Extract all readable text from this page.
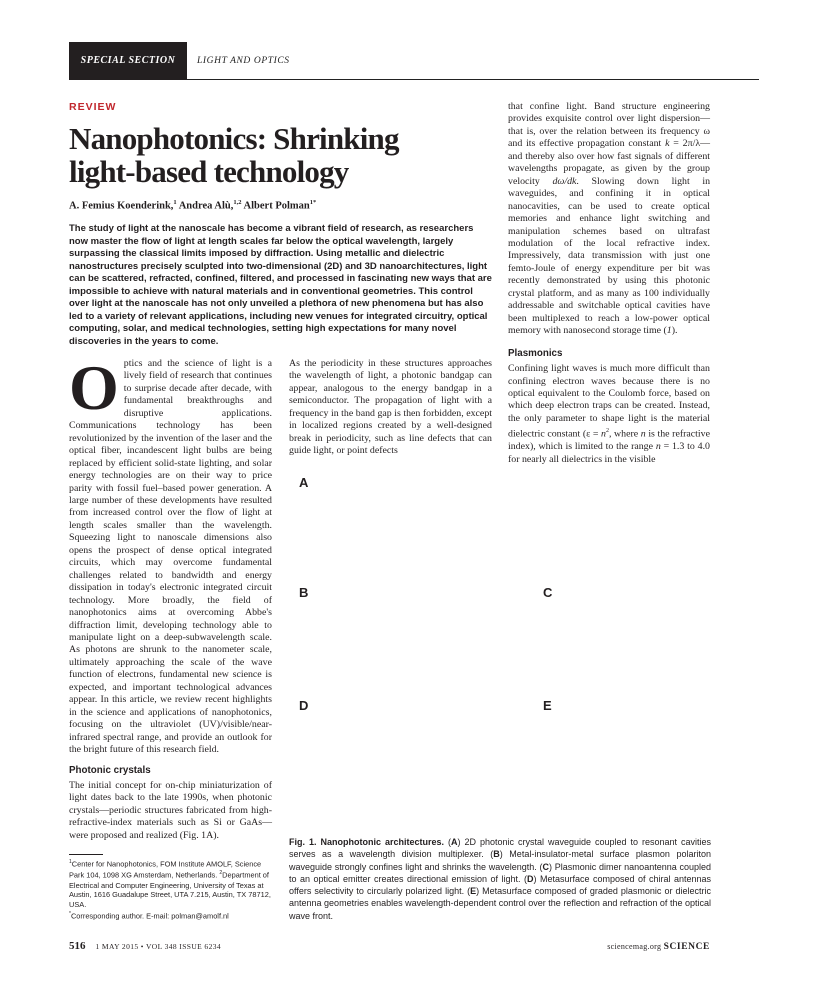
SPECIAL SECTION	LIGHT AND OPTICS
REVIEW
Nanophotonics: Shrinking
light-based technology
A. Femius Koenderink,$^1$ Andrea Alù,$^{1,2}$ Albert Polman$^{1*}$
The study of light at the nanoscale has become a vibrant field of research, as researchers now master the flow of light at length scales far below the optical wavelength, largely surpassing the classical limits imposed by diffraction. Using metallic and dielectric nanostructures precisely sculpted into two-dimensional (2D) and 3D nanoarchitectures, light can be scattered, refracted, confined, filtered, and processed in fascinating new ways that are impossible to achieve with natural materials and in conventional geometries. This control over light at the nanoscale has not only unveiled a plethora of new phenomena but has also led to a variety of relevant applications, including new venues for integrated circuitry, optical computing, solar, and medical technologies, setting high expectations for many novel discoveries in the years to come.

Optics and the science of light is a lively field of research that continues to surprise decade after decade, with fundamental breakthroughs and disruptive applications. Communications technology has been revolutionized by the invention of the laser and the optical fiber, incandescent light bulbs are being replaced by efficient solid-state lighting, and solar energy technologies are on their way to price parity with fossil fuel–based power generation. A large number of these developments have resulted from increased control over the flow of light at length scales smaller than the wavelength. Squeezing light to nanoscale dimensions also opens the prospect of dense optical integrated circuits, which may overcome fundamental challenges related to bandwidth and energy dissipation in today's electronic integrated circuit technology. More broadly, the field of nanophotonics aims at overcoming Abbe's diffraction limit, developing technology able to manipulate light on a deep-subwavelength scale. As photons are shrunk to the nanometer scale, ultimately approaching the scale of the wave function of electrons, fundamental new science is expected, and important technological advances appear. In this article, we review recent highlights in the science and applications of nanophotonics, focusing on the ultraviolet (UV)/visible/near-infrared spectral range, and provide an outlook for the bright future of this research field.

Photonic crystals

The initial concept for on-chip miniaturization of light dates back to the late 1990s, when photonic crystals—periodic structures fabricated from high-refractive-index materials such as Si or GaAs—were proposed and realized (Fig. 1A).

As the periodicity in these structures approaches the wavelength of light, a photonic bandgap can appear, analogous to the energy bandgap in a semiconductor. The propagation of light with a frequency in the band gap is then forbidden, except in localized regions created by a well-designed break in periodicity, such as line defects that can guide light, or point defects

that confine light. Band structure engineering provides exquisite control over light dispersion—that is, over the relation between its frequency ω and its effective propagation constant k = 2π/λ—and thereby also over how fast signals of different wavelengths propagate, as given by the group velocity dω/dk. Slowing down light in waveguides, and confining it in optical nanocavities, can be used to create optical memories and enhance light switching and manipulation schemes based on ultrafast modulation of the local refractive index. Impressively, data transmission with just one femto-Joule of energy expenditure per bit was recently demonstrated by using this photonic crystal platform, and as many as 100 individually addressable and switchable optical cavities have been multiplexed to reach a low-power optical memory with nanosecond storage time (1).

Plasmonics

Confining light waves is much more difficult than confining electron waves because there is no optical equivalent to the Coulomb force, based on which deep electron traps can be created. Instead, the only parameter to shape light is the material dielectric constant ($\varepsilon = n^2$, where n is the refractive index), which is limited to the range n = 1.3 to 4.0 for nearly all dielectrics in the visible

A
B	C
D	E
Fig. 1. Nanophotonic architectures. (A) 2D photonic crystal waveguide coupled to resonant cavities serves as a wavelength division multiplexer. (B) Metal-insulator-metal surface plasmon polariton waveguide strongly confines light and shrinks the wavelength. (C) Plasmonic dimer nanoantenna coupled to an optical emitter creates directional emission of light. (D) Metasurface composed of chiral antennas offers selectivity to circularly polarized light. (E) Metasurface composed of graded plasmonic or dielectric antenna geometries enables wavelength-dependent control over the reflection and refraction of the optical wave front.
$^1$Center for Nanophotonics, FOM Institute AMOLF, Science Park 104, 1098 XG Amsterdam, Netherlands. $^2$Department of Electrical and Computer Engineering, University of Texas at Austin, 1616 Guadalupe Street, UTA 7.215, Austin, TX 78712, USA.
*Corresponding author. E-mail: polman@amolf.nl
516 1 MAY 2015 • VOL 348 ISSUE 6234	sciencemag.org SCIENCE
